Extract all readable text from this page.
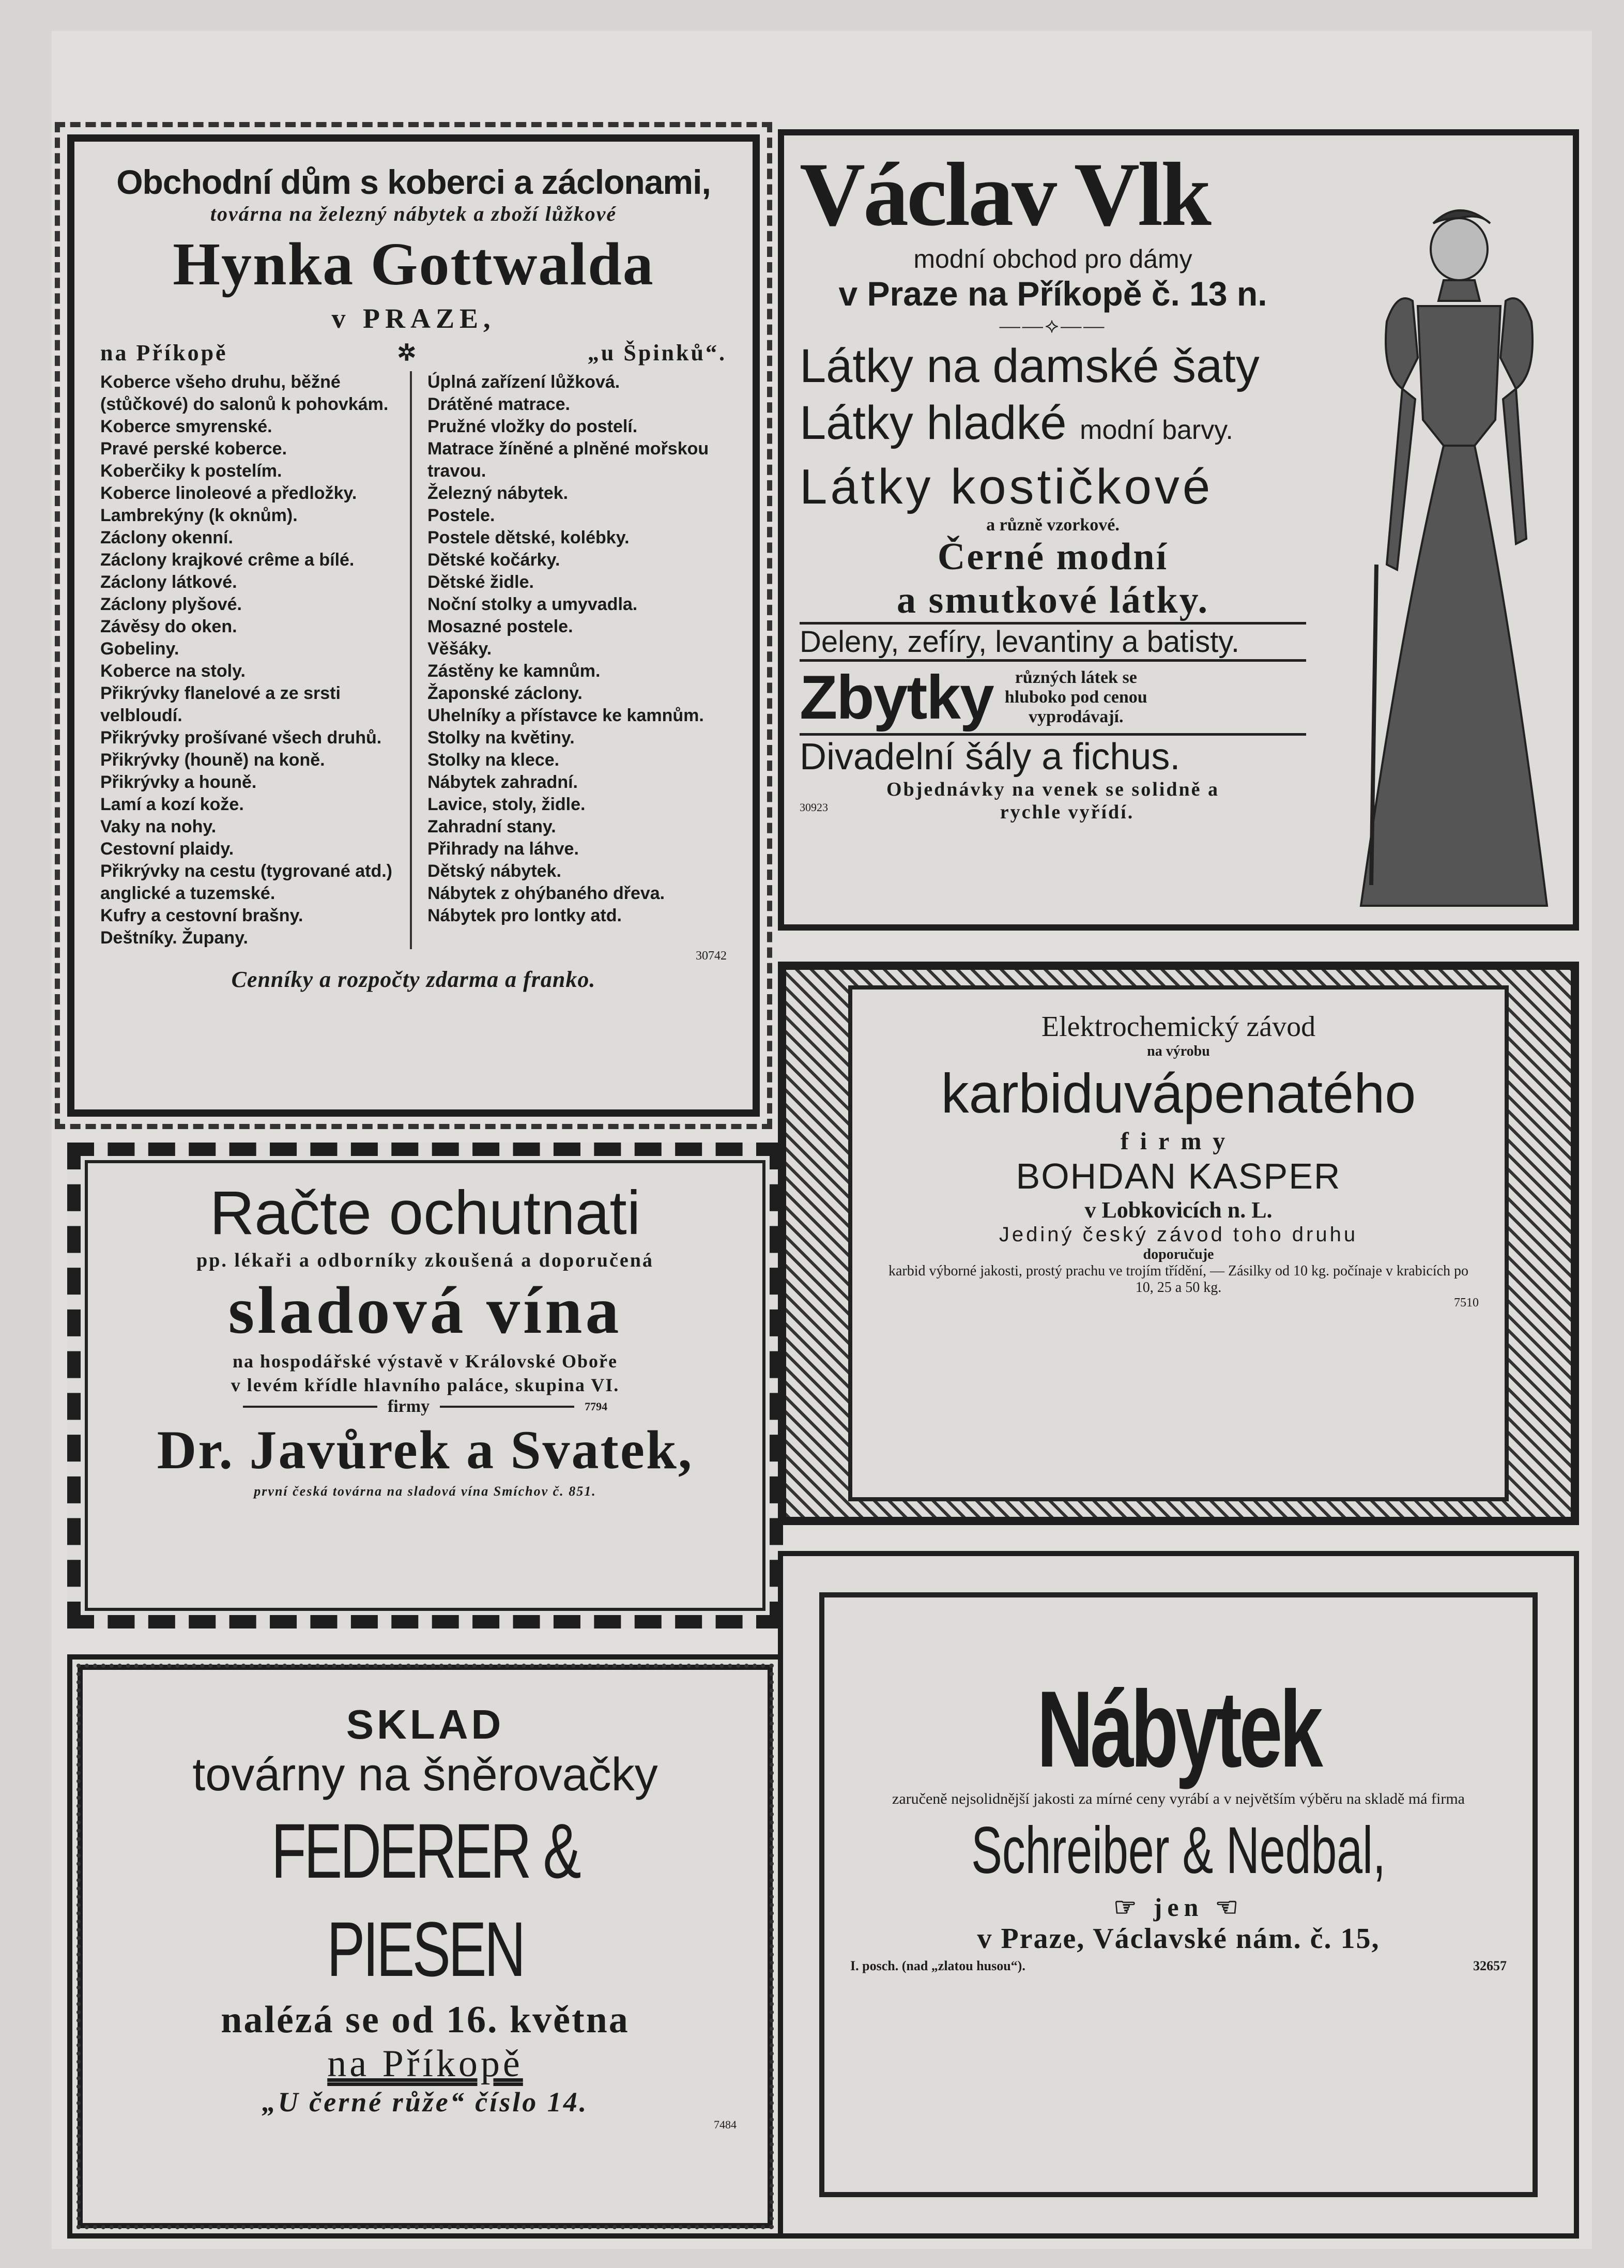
Obchodní dům s koberci a záclonami,
továrna na železný nábytek a zboží lůžkové
Hynka Gottwalda
v PRAZE,
na Příkopě	✲	„u Špinků“.
Koberce všeho druhu, běžné (stůčkové) do salonů k pohovkám.
Koberce smyrenské.
Pravé perské koberce.
Koberčiky k postelím.
Koberce linoleové a předložky.
Lambrekýny (k oknům).
Záclony okenní.
Záclony krajkové crême a bílé.
Záclony látkové.
Záclony plyšové.
Závěsy do oken.
Gobeliny.
Koberce na stoly.
Přikrývky flanelové a ze srsti velbloudí.
Přikrývky prošívané všech druhů.
Přikrývky (houně) na koně.
Přikrývky a houně.
Lamí a kozí kože.
Vaky na nohy.
Cestovní plaidy.
Přikrývky na cestu (tygrované atd.) anglické a tuzemské.
Kufry a cestovní brašny.
Deštníky. Župany.
Úplná zařízení lůžková.
Drátěné matrace.
Pružné vložky do postelí.
Matrace žíněné a plněné mořskou travou.
Železný nábytek.
Postele.
Postele dětské, kolébky.
Dětské kočárky.
Dětské židle.
Noční stolky a umyvadla.
Mosazné postele.
Věšáky.
Zástěny ke kamnům.
Žaponské záclony.
Uhelníky a přístavce ke kamnům.
Stolky na květiny.
Stolky na klece.
Nábytek zahradní.
Lavice, stoly, židle.
Zahradní stany.
Přihrady na láhve.
Dětský nábytek.
Nábytek z ohýbaného dřeva.
Nábytek pro lontky atd.
30742
Cenníky a rozpočty zdarma a franko.
Václav Vlk
modní obchod pro dámy
v Praze na Příkopě č. 13 n.
——⟡——
Látky na damské šaty
Látky hladké modní barvy.
Látky kostičkové
a různě vzorkové.
Černé modní
a smutkové látky.
Deleny, zefíry, levantiny a batisty.
Zbytky	různých látek se
hluboko pod cenou
vyprodávají.
Divadelní šály a fichus.
Objednávky na venek se solidně a
30923	rychle vyřídí.
Račte ochutnati
pp. lékaři a odborníky zkoušená a doporučená
sladová vína
na hospodářské výstavě v Královské Oboře
v levém křídle hlavního paláce, skupina VI.
firmy	7794
Dr. Javůrek a Svatek,
první česká továrna na sladová vína Smíchov č. 851.
Elektrochemický závod
na výrobu
karbiduvápenatého
firmy
BOHDAN KASPER
v Lobkovicích n. L.
Jediný český závod toho druhu
doporučuje
karbid výborné jakosti, prostý prachu ve trojím třídění, — Zásilky od 10 kg. počínaje v krabicích po 10, 25 a 50 kg.
7510
SKLAD
továrny na šněrovačky
FEDERER & PIESEN
nalézá se od 16. května
na Příkopě
„U černé růže“ číslo 14.
7484
Nábytek
zaručeně nejsolidnější jakosti za mírné ceny vyrábí a v největším výběru na skladě má firma
Schreiber & Nedbal,
☞ jen ☜
v Praze, Václavské nám. č. 15,
I. posch. (nad „zlatou husou“).	32657
